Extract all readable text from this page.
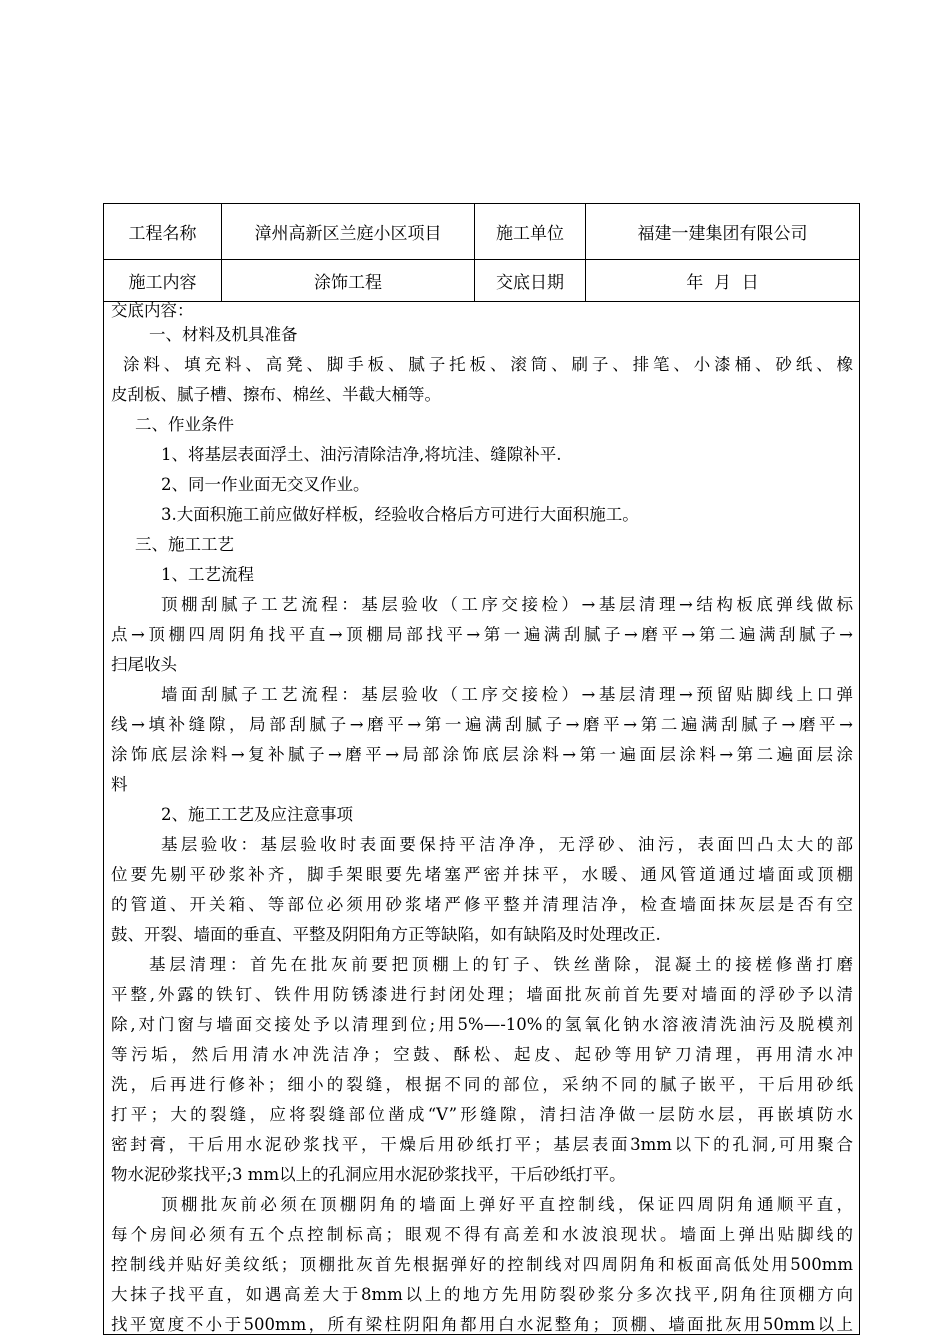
工程名称	漳州高新区兰庭小区项目	施工单位	福建一建集团有限公司
施工内容	涂饰工程	交底日期	年  月  日
交底内容：
一、材料及机具准备
涂料、填充料、高凳、脚手板、腻子托板、滚筒、刷子、排笔、小漆桶、砂纸、橡
皮刮板、腻子槽、擦布、棉丝、半截大桶等。
二、作业条件
1、将基层表面浮土、油污清除洁净,将坑洼、缝隙补平.
2、同一作业面无交叉作业。
3.大面积施工前应做好样板，经验收合格后方可进行大面积施工。
三、施工工艺
1、工艺流程
顶棚刮腻子工艺流程：基层验收（工序交接检）→基层清理→结构板底弹线做标
点→顶棚四周阴角找平直→顶棚局部找平→第一遍满刮腻子→磨平→第二遍满刮腻子→
扫尾收头
墙面刮腻子工艺流程：基层验收（工序交接检）→基层清理→预留贴脚线上口弹
线→填补缝隙，局部刮腻子→磨平→第一遍满刮腻子→磨平→第二遍满刮腻子→磨平→
涂饰底层涂料→复补腻子→磨平→局部涂饰底层涂料→第一遍面层涂料→第二遍面层涂
料
2、施工工艺及应注意事项
基层验收：基层验收时表面要保持平洁净净，无浮砂、油污，表面凹凸太大的部
位要先剔平砂浆补齐，脚手架眼要先堵塞严密并抹平，水暖、通风管道通过墙面或顶棚
的管道、开关箱、等部位必须用砂浆堵严修平整并清理洁净，检查墙面抹灰层是否有空
鼓、开裂、墙面的垂直、平整及阴阳角方正等缺陷，如有缺陷及时处理改正.
基层清理：首先在批灰前要把顶棚上的钉子、铁丝凿除，混凝土的接槎修凿打磨
平整,外露的铁钉、铁件用防锈漆进行封闭处理；墙面批灰前首先要对墙面的浮砂予以清
除,对门窗与墙面交接处予以清理到位;用5%—-10%的氢氧化钠水溶液清洗油污及脱模剂
等污垢，然后用清水冲洗洁净；空鼓、酥松、起皮、起砂等用铲刀清理，再用清水冲
洗，后再进行修补；细小的裂缝，根据不同的部位，采纳不同的腻子嵌平，干后用砂纸
打平；大的裂缝，应将裂缝部位凿成“V”形缝隙，清扫洁净做一层防水层，再嵌填防水
密封膏，干后用水泥砂浆找平，干燥后用砂纸打平；基层表面3mm以下的孔洞,可用聚合
物水泥砂浆找平;3 mm以上的孔洞应用水泥砂浆找平，干后砂纸打平。
顶棚批灰前必须在顶棚阴角的墙面上弹好平直控制线，保证四周阴角通顺平直，
每个房间必须有五个点控制标高；眼观不得有高差和水波浪现状。墙面上弹出贴脚线的
控制线并贴好美纹纸；顶棚批灰首先根据弹好的控制线对四周阴角和板面高低处用500mm
大抹子找平直，如遇高差大于8mm以上的地方先用防裂砂浆分多次找平,阴角往顶棚方向
找平宽度不小于500mm，所有梁柱阴阳角都用白水泥整角；顶棚、墙面批灰用50mm以上
